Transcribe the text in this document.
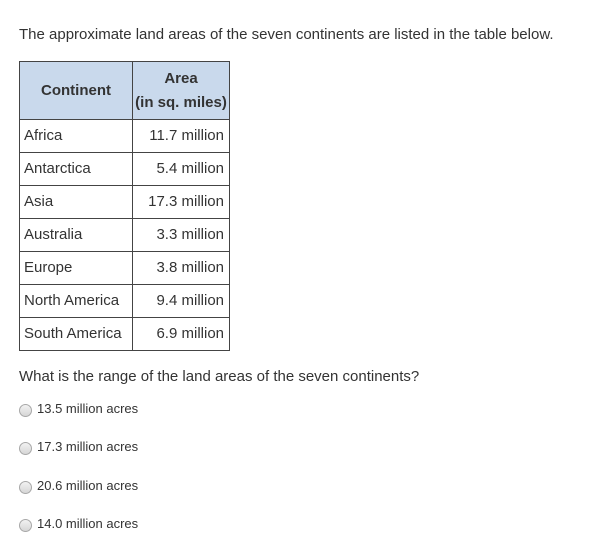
The approximate land areas of the seven continents are listed in the table below.
Continent	Area
(in sq. miles)

Africa	11.7 million
Antarctica	5.4 million
Asia	17.3 million
Australia	3.3 million
Europe	3.8 million
North America	9.4 million
South America	6.9 million
What is the range of the land areas of the seven continents?
13.5 million acres
17.3 million acres
20.6 million acres
14.0 million acres
